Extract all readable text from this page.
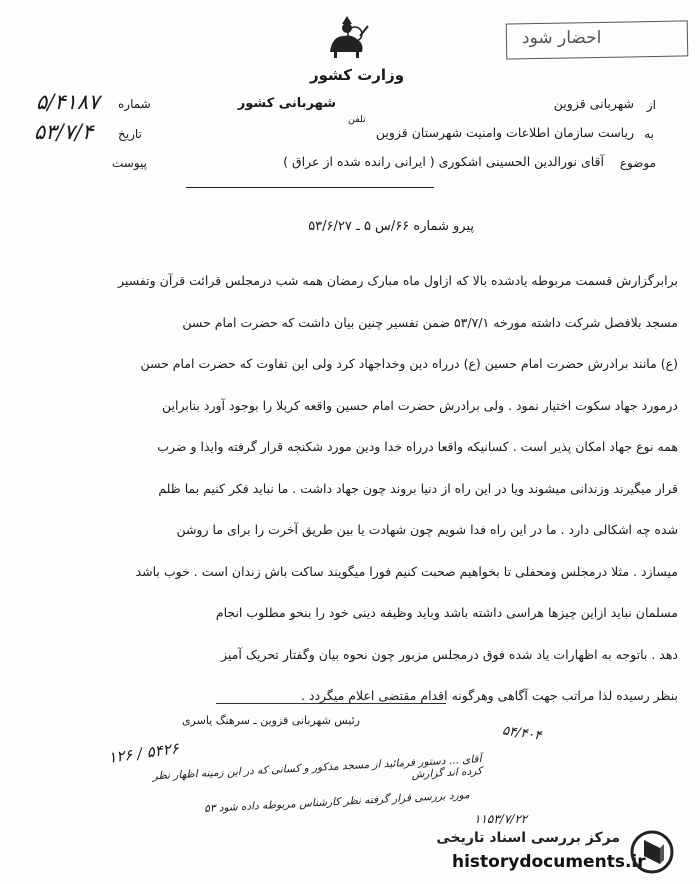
وزارت کشور
احضار شود
۵/۴۱۸۷ شماره
۵۳/۷/۴ تاریخ
پیوست
از
شهربانی قزوین
شهربانی کشور
به
ریاست سازمان اطلاعات وامنیت شهرستان قزوین
تلفن
موضوع
آقای نورالدین الحسینی اشکوری ( ایرانی رانده شده از عراق )
پیرو شماره ۶۶/س ۵ ـ ۵۳/۶/۲۷
برابرگزارش قسمت مربوطه یادشده بالا که ازاول ماه مبارک رمضان همه شب درمجلس قرائت قرآن وتفسیر
مسجد بلافصل شرکت داشته مورخه ۵۳/۷/۱ ضمن تفسیر چنین بیان داشت که حضرت امام حسن
(ع) مانند برادرش حضرت امام حسین (ع) درراه دین وخداجهاد کرد ولی این تفاوت که حضرت امام حسن
درمورد جهاد سکوت اختیار نمود . ولی برادرش حضرت امام حسین واقعه کربلا را بوجود آورد بنابراین
همه نوع جهاد امکان پذیر است . کسانیکه واقعا درراه خدا ودین مورد شکنجه قرار گرفته وایذا و ضرب
قرار میگیرند وزندانی میشوند ویا در این راه از دنیا بروند چون جهاد داشت . ما نباید فکر کنیم بما ظلم
شده چه اشکالی دارد . ما در این راه فدا شویم چون شهادت یا بین طریق آخرت را برای ما روشن
میسازد . مثلا درمجلس ومحفلی تا بخواهیم صحبت کنیم فورا میگویند ساکت باش زندان است . خوب باشد
مسلمان نباید ازاین چیزها هراسی داشته باشد وباید وظیفه دینی خود را بنحو مطلوب انجام
دهد . باتوجه به اظهارات یاد شده فوق درمجلس مزبور چون نحوه بیان وگفتار تحریک آمیز
بنظر رسیده لذا مراتب جهت آگاهی وهرگونه اقدام مقتضی اعلام میگردد .
رئیس شهربانی قزوین ـ سرهنگ یاسری
۵۴/۴۰۴
۵۴۲۶ / ۱۲۶
آقای ... دستور فرمائید از مسجد مذکور و کسانی که در این زمینه اظهار نظر کرده اند گزارش
مورد بررسی قرار گرفته نظر کارشناس مربوطه داده شود ۵۳
۱۱۵۳/۷/۲۲
مرکز بررسی اسناد تاریخی
historydocuments.ir
